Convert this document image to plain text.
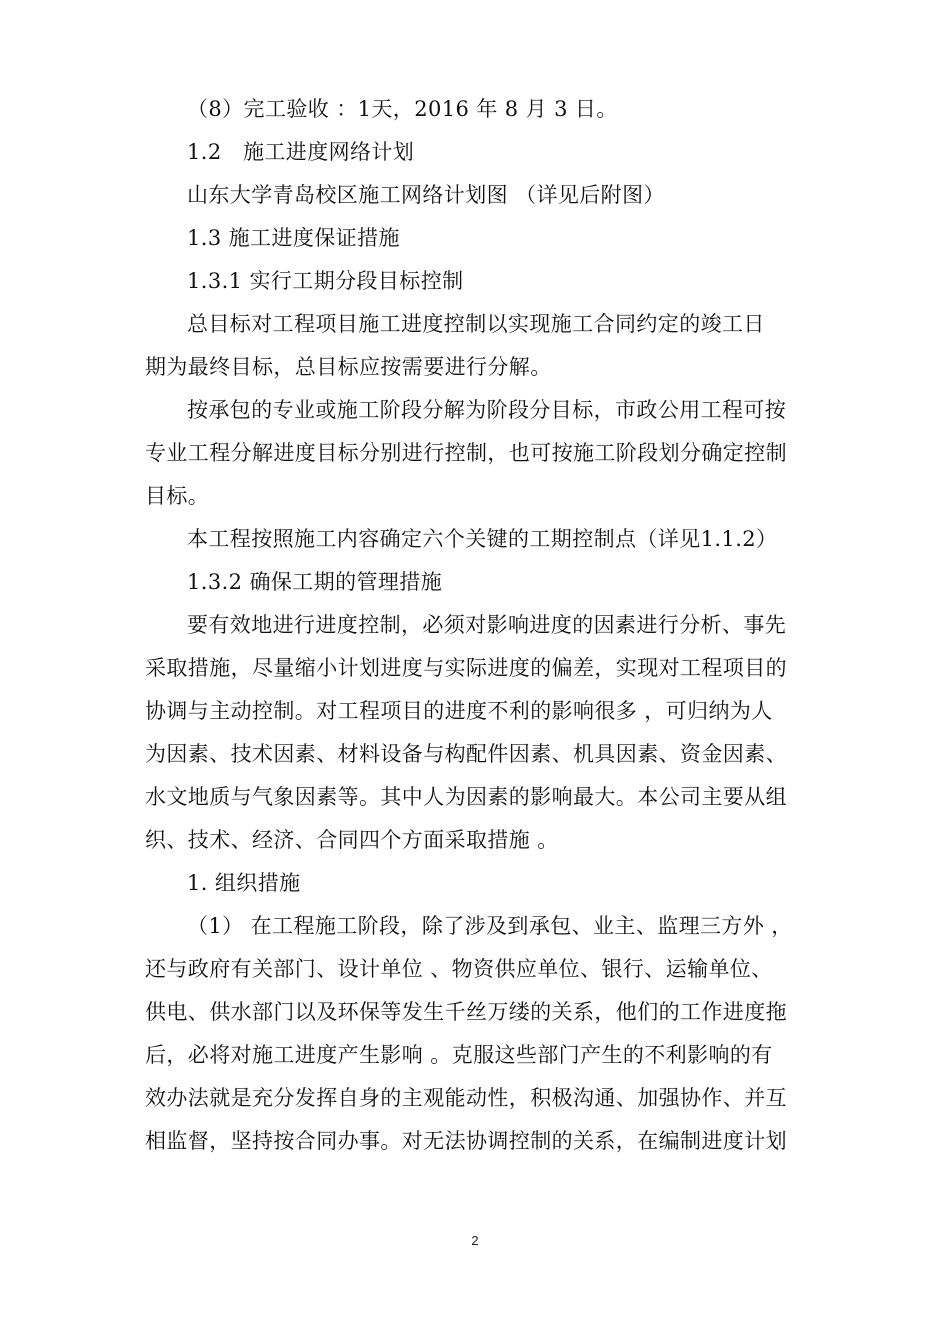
（8）完工验收 ：1天，2016 年 8 月 3 日。
1.2　施工进度网络计划
山东大学青岛校区施工网络计划图 （详见后附图）
1.3 施工进度保证措施
1.3.1 实行工期分段目标控制
总目标对工程项目施工进度控制以实现施工合同约定的竣工日
期为最终目标，总目标应按需要进行分解。
按承包的专业或施工阶段分解为阶段分目标，市政公用工程可按
专业工程分解进度目标分别进行控制，也可按施工阶段划分确定控制
目标。
本工程按照施工内容确定六个关键的工期控制点（详见1.1.2）
1.3.2 确保工期的管理措施
要有效地进行进度控制，必须对影响进度的因素进行分析、事先
采取措施，尽量缩小计划进度与实际进度的偏差，实现对工程项目的
协调与主动控制。对工程项目的进度不利的影响很多 ，可归纳为人
为因素、技术因素、材料设备与构配件因素、机具因素、资金因素、
水文地质与气象因素等。其中人为因素的影响最大。本公司主要从组
织、技术、经济、合同四个方面采取措施 。
1. 组织措施
（1） 在工程施工阶段，除了涉及到承包、业主、监理三方外 ，
还与政府有关部门、设计单位 、物资供应单位、银行、运输单位、
供电、供水部门以及环保等发生千丝万缕的关系，他们的工作进度拖
后，必将对施工进度产生影响 。克服这些部门产生的不利影响的有
效办法就是充分发挥自身的主观能动性，积极沟通、加强协作、并互
相监督，坚持按合同办事。对无法协调控制的关系，在编制进度计划
2
